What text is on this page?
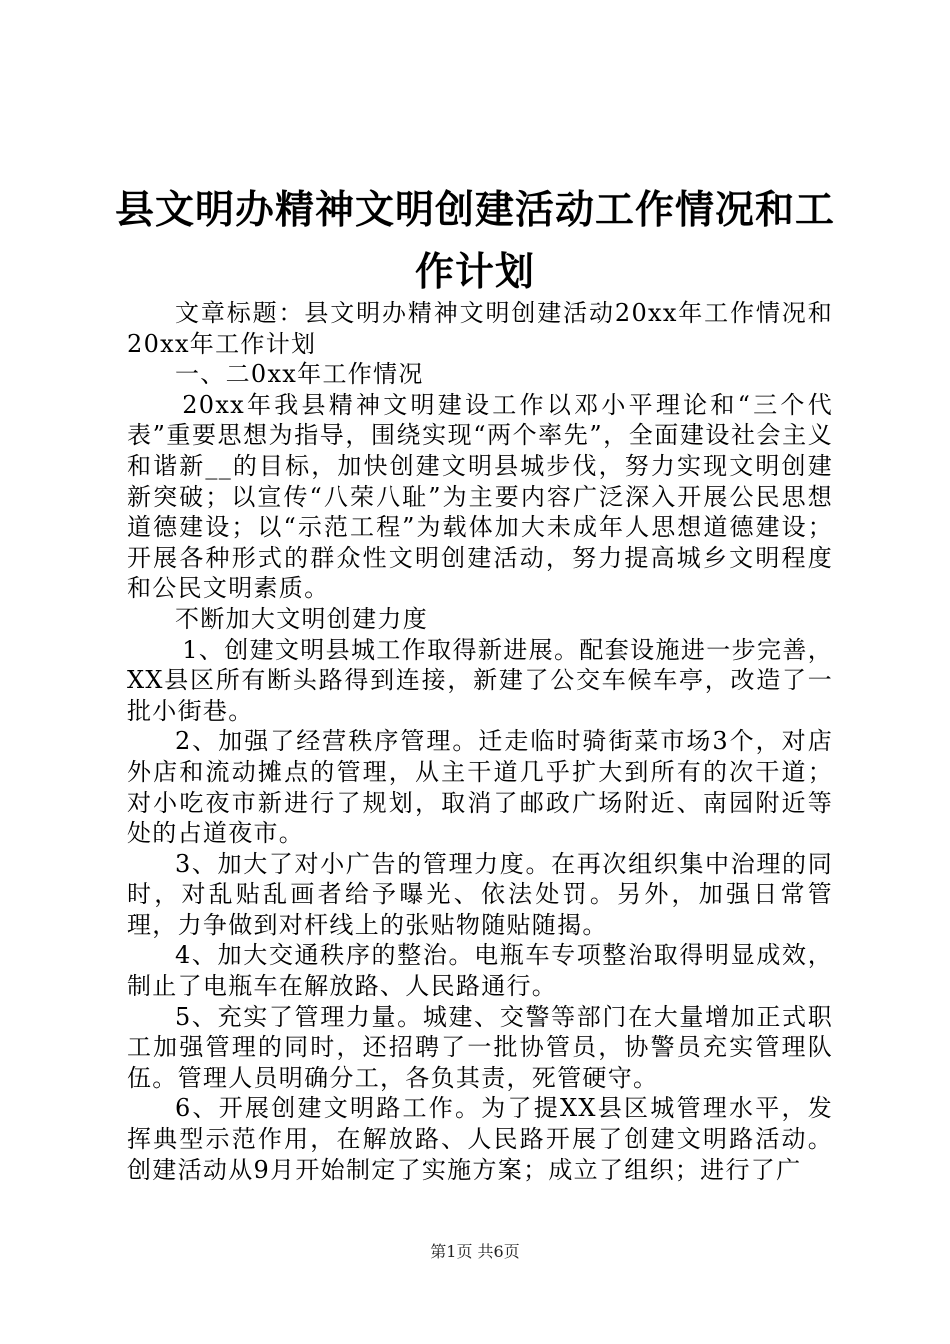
县文明办精神文明创建活动工作情况和工作计划

文章标题：县文明办精神文明创建活动20xx年工作情况和20xx年工作计划

一、二0xx年工作情况

20xx年我县精神文明建设工作以邓小平理论和“三个代表”重要思想为指导，围绕实现“两个率先”，全面建设社会主义和谐新__的目标，加快创建文明县城步伐，努力实现文明创建新突破；以宣传“八荣八耻”为主要内容广泛深入开展公民思想道德建设；以“示范工程”为载体加大未成年人思想道德建设；开展各种形式的群众性文明创建活动，努力提高城乡文明程度和公民文明素质。

不断加大文明创建力度

1、创建文明县城工作取得新进展。配套设施进一步完善，XX县区所有断头路得到连接，新建了公交车候车亭，改造了一批小街巷。

2、加强了经营秩序管理。迁走临时骑街菜市场3个，对店外店和流动摊点的管理，从主干道几乎扩大到所有的次干道；对小吃夜市新进行了规划，取消了邮政广场附近、南园附近等处的占道夜市。

3、加大了对小广告的管理力度。在再次组织集中治理的同时，对乱贴乱画者给予曝光、依法处罚。另外，加强日常管理，力争做到对杆线上的张贴物随贴随揭。

4、加大交通秩序的整治。电瓶车专项整治取得明显成效，制止了电瓶车在解放路、人民路通行。

5、充实了管理力量。城建、交警等部门在大量增加正式职工加强管理的同时，还招聘了一批协管员，协警员充实管理队伍。管理人员明确分工，各负其责，死管硬守。

6、开展创建文明路工作。为了提XX县区城管理水平，发挥典型示范作用，在解放路、人民路开展了创建文明路活动。创建活动从9月开始制定了实施方案；成立了组织；进行了广

第1页 共6页
